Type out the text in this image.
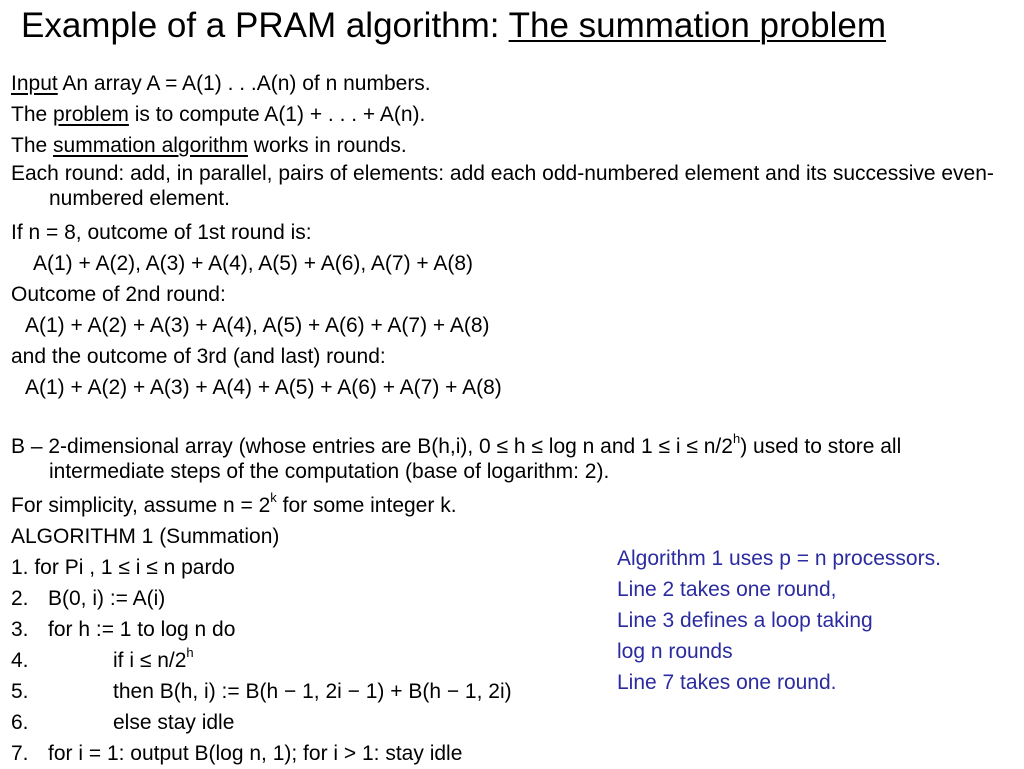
Example of a PRAM algorithm: The summation problem

Input An array A = A(1) . . .A(n) of n numbers.

The problem is to compute A(1) + . . . + A(n).

The summation algorithm works in rounds.

Each round: add, in parallel, pairs of elements: add each odd-numbered element and its successive even-numbered element.

If n = 8, outcome of 1st round is:

A(1) + A(2), A(3) + A(4), A(5) + A(6), A(7) + A(8)

Outcome of 2nd round:

A(1) + A(2) + A(3) + A(4), A(5) + A(6) + A(7) + A(8)

and the outcome of 3rd (and last) round:

A(1) + A(2) + A(3) + A(4) + A(5) + A(6) + A(7) + A(8)

B – 2-dimensional array (whose entries are B(h,i), 0 ≤ h ≤ log n and $1 \le i \le n/2^h$) used to store all intermediate steps of the computation (base of logarithm: 2).

For simplicity, assume $n = 2^k$ for some integer k.

ALGORITHM 1 (Summation)

1. for Pi , 1 ≤ i ≤ n pardo

2. B(0, i) := A(i)

3. for h := 1 to log n do

4.	if $i \le n/2^h$

5.	then B(h, i) := B(h − 1, 2i − 1) + B(h − 1, 2i)

6.	else stay idle

7. for i = 1: output B(log n, 1); for i > 1: stay idle

Algorithm 1 uses p = n processors.
Line 2 takes one round,
Line 3 defines a loop taking
log n rounds
Line 7 takes one round.
